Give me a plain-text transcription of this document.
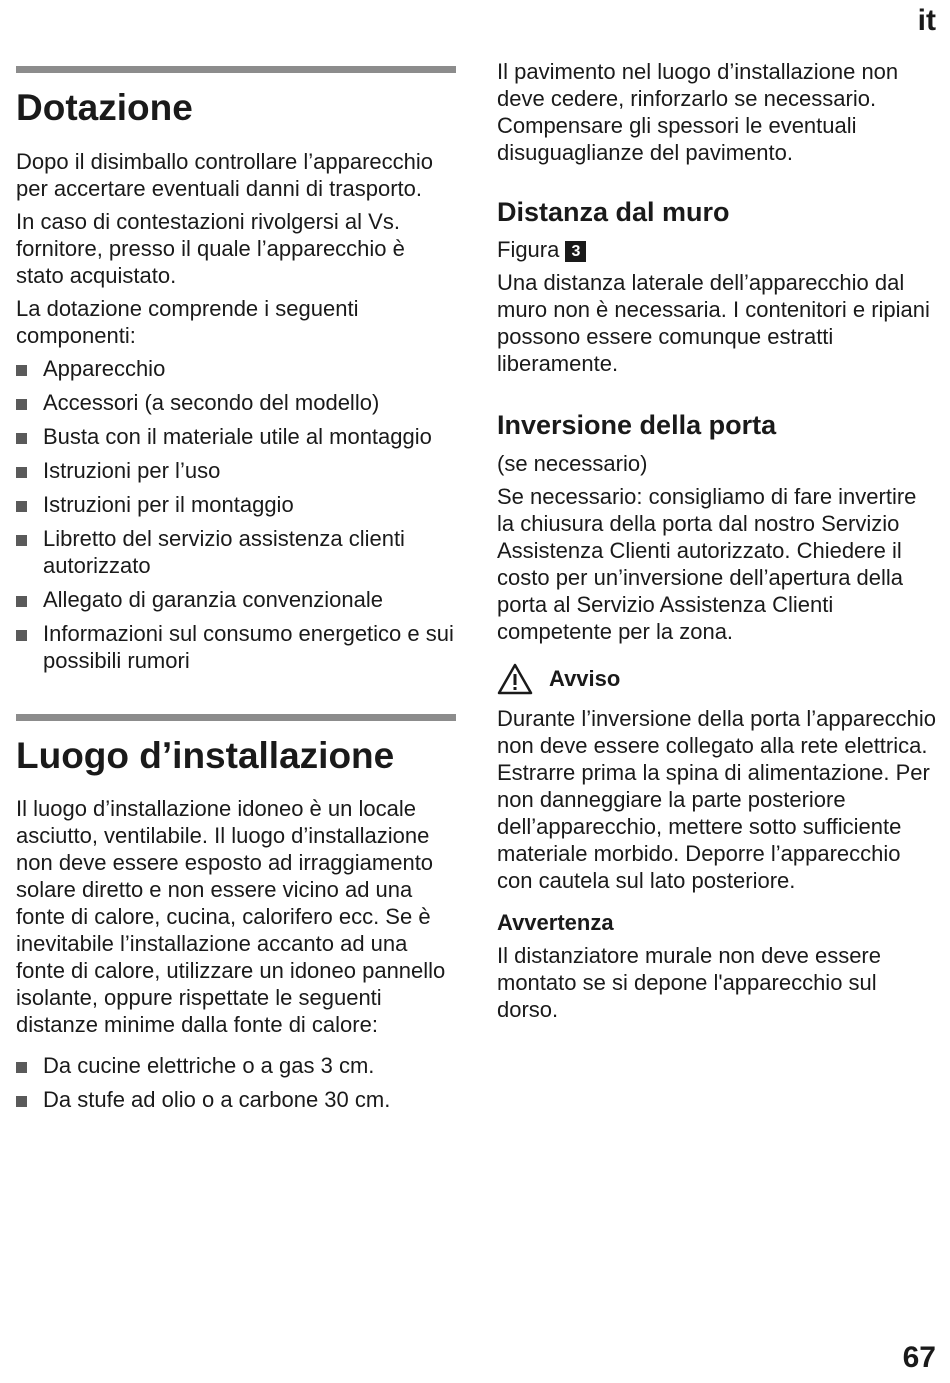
it
Dotazione

Dopo il disimballo controllare l’apparecchio per accertare eventuali danni di trasporto.

In caso di contestazioni rivolgersi al Vs. fornitore, presso il quale l’apparecchio è stato acquistato.

La dotazione comprende i seguenti componenti:

Apparecchio
Accessori (a secondo del modello)
Busta con il materiale utile al montaggio
Istruzioni per l’uso
Istruzioni per il montaggio
Libretto del servizio assistenza clienti autorizzato
Allegato di garanzia convenzionale
Informazioni sul consumo energetico e sui possibili rumori
Luogo d’installazione

Il luogo d’installazione idoneo è un locale asciutto, ventilabile. Il luogo d’installazione non deve essere esposto ad irraggiamento solare diretto e non essere vicino ad una fonte di calore, cucina, calorifero ecc. Se è inevitabile l’installazione accanto ad una fonte di calore, utilizzare un idoneo pannello isolante, oppure rispettate le seguenti distanze minime dalla fonte di calore:

Da cucine elettriche o a gas 3 cm.
Da stufe ad olio o a carbone 30 cm.

Il pavimento nel luogo d’installazione non deve cedere, rinforzarlo se necessario. Compensare gli spessori le eventuali disuguaglianze del pavimento.

Distanza dal muro

Figura 3

Una distanza laterale dell’apparecchio dal muro non è necessaria. I contenitori e ripiani possono essere comunque estratti liberamente.

Inversione della porta

(se necessario)

Se necessario: consigliamo di fare invertire la chiusura della porta dal nostro Servizio Assistenza Clienti autorizzato. Chiedere il costo per un’inversione dell’apertura della porta al Servizio Assistenza Clienti competente per la zona.

Avviso

Durante l’inversione della porta l’apparecchio non deve essere collegato alla rete elettrica. Estrarre prima la spina di alimentazione. Per non danneggiare la parte posteriore dell’apparecchio, mettere sotto sufficiente materiale morbido. Deporre l’apparecchio con cautela sul lato posteriore.

Avvertenza

Il distanziatore murale non deve essere montato se si depone l'apparecchio sul dorso.

67
